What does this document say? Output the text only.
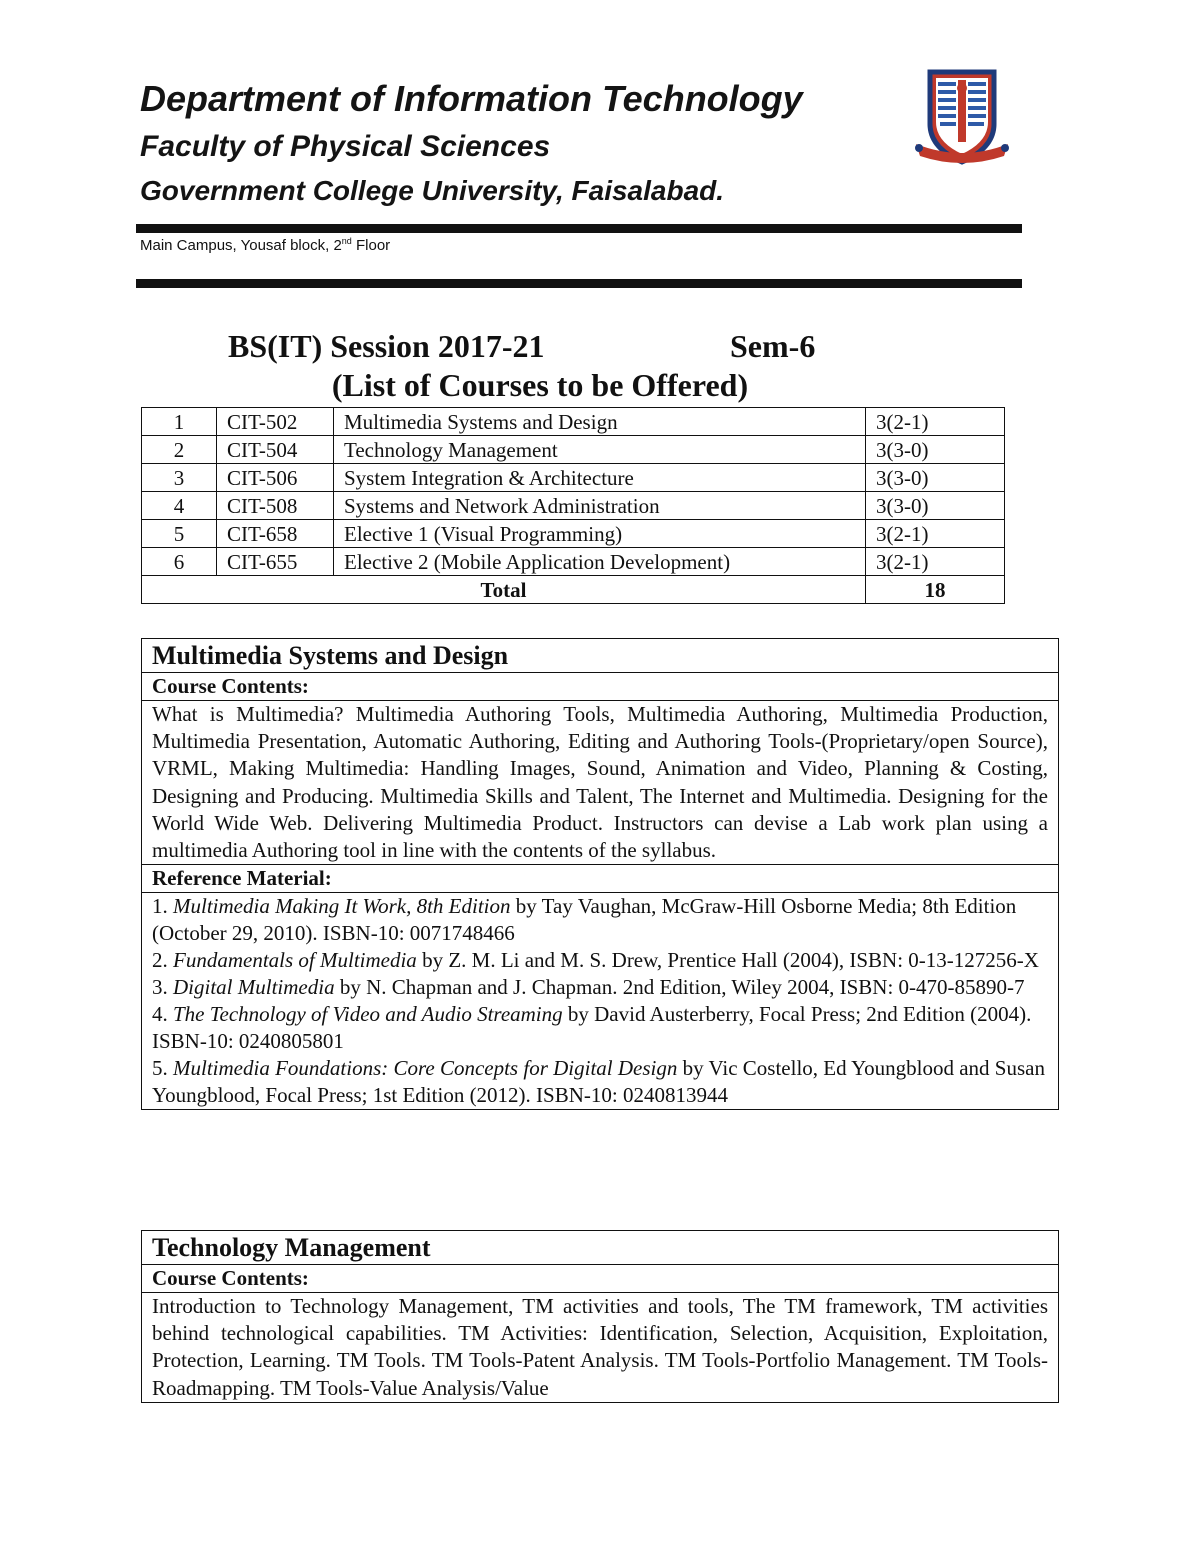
Department of Information Technology
Faculty of Physical Sciences
Government College University, Faisalabad.
Main Campus, Yousaf block, 2nd Floor
BS(IT) Session 2017-21	Sem-6
(List of Courses to be Offered)
1	CIT-502	Multimedia Systems and Design	3(2-1)
2	CIT-504	Technology Management	3(3-0)
3	CIT-506	System Integration & Architecture	3(3-0)
4	CIT-508	Systems and Network Administration	3(3-0)
5	CIT-658	Elective 1 (Visual Programming)	3(2-1)
6	CIT-655	Elective 2 (Mobile Application Development)	3(2-1)
Total			18
Multimedia Systems and Design
Course Contents:
What is Multimedia? Multimedia Authoring Tools, Multimedia Authoring, Multimedia Production, Multimedia Presentation, Automatic Authoring, Editing and Authoring Tools-(Proprietary/open Source), VRML, Making Multimedia: Handling Images, Sound, Animation and Video, Planning & Costing, Designing and Producing. Multimedia Skills and Talent, The Internet and Multimedia. Designing for the World Wide Web. Delivering Multimedia Product. Instructors can devise a Lab work plan using a multimedia Authoring tool in line with the contents of the syllabus.
Reference Material:

1. Multimedia Making It Work, 8th Edition by Tay Vaughan, McGraw-Hill Osborne Media; 8th Edition (October 29, 2010). ISBN-10: 0071748466
2. Fundamentals of Multimedia by Z. M. Li and M. S. Drew, Prentice Hall (2004), ISBN: 0-13-127256-X
3. Digital Multimedia by N. Chapman and J. Chapman. 2nd Edition, Wiley 2004, ISBN: 0-470-85890-7
4. The Technology of Video and Audio Streaming by David Austerberry, Focal Press; 2nd Edition (2004). ISBN-10: 0240805801
5. Multimedia Foundations: Core Concepts for Digital Design by Vic Costello, Ed Youngblood and Susan Youngblood, Focal Press; 1st Edition (2012). ISBN-10: 0240813944
Technology Management
Course Contents:
Introduction to Technology Management, TM activities and tools, The TM framework, TM activities behind technological capabilities. TM Activities: Identification, Selection, Acquisition, Exploitation, Protection, Learning. TM Tools. TM Tools-Patent Analysis. TM Tools-Portfolio Management. TM Tools- Roadmapping. TM Tools-Value Analysis/Value
